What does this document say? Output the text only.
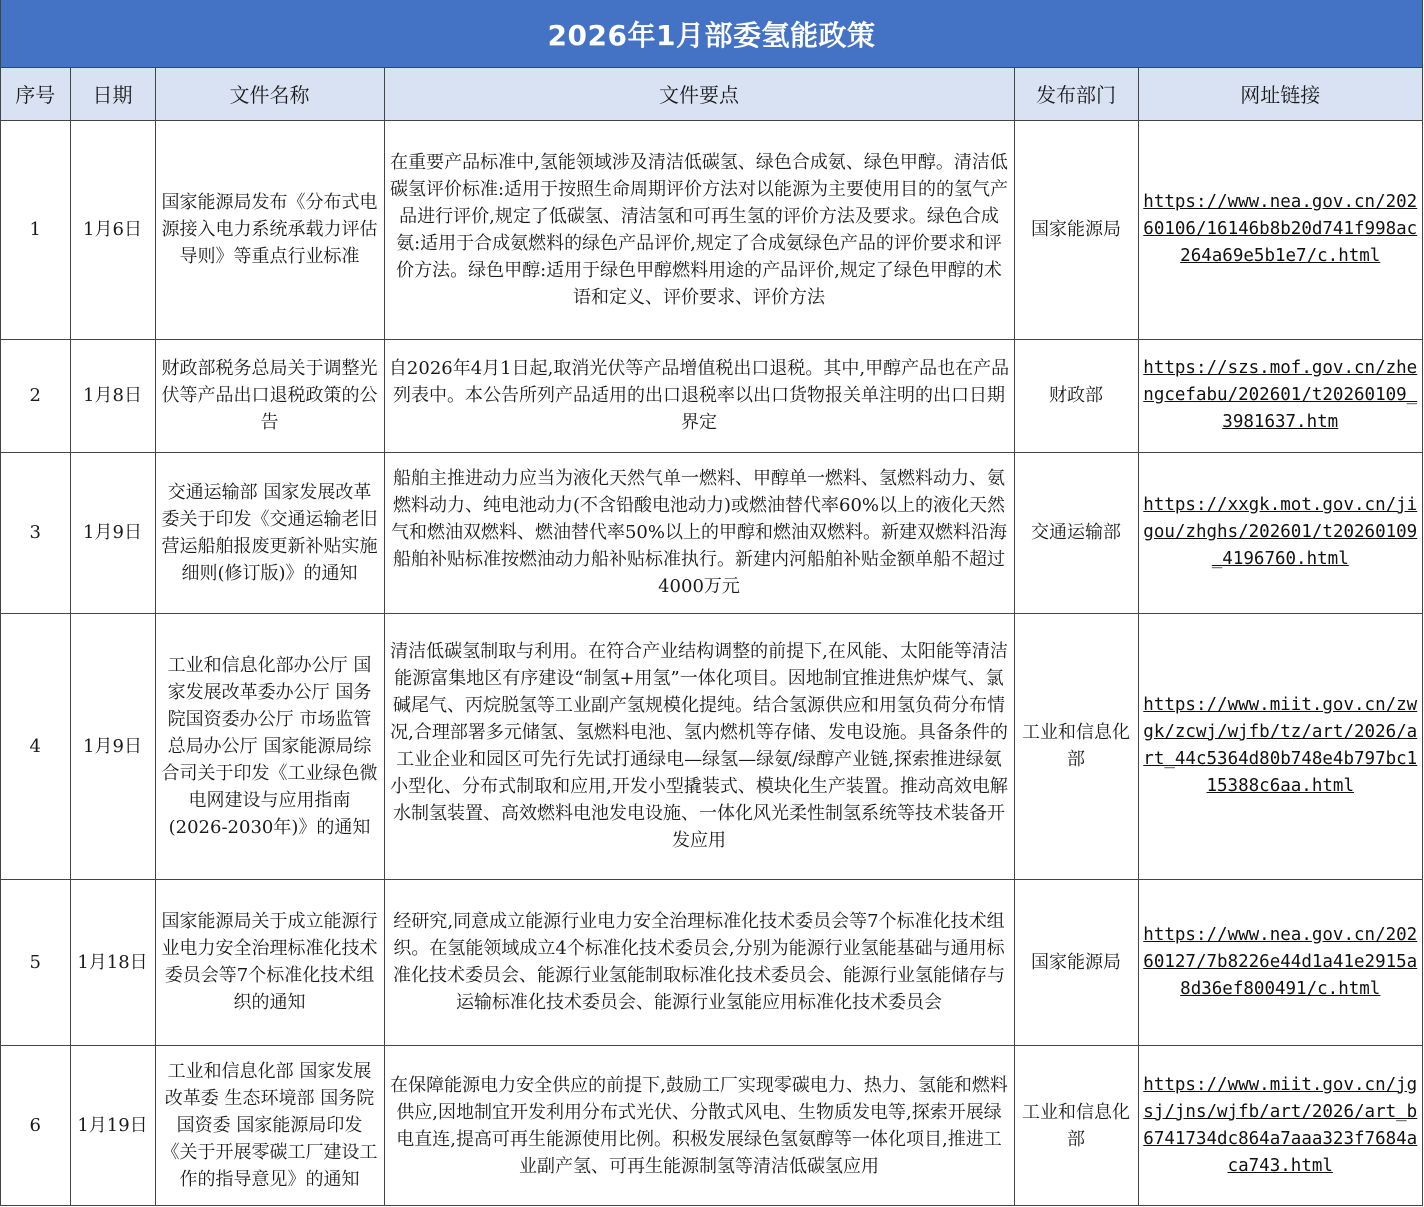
2026年1月部委氢能政策
序号	日期	文件名称	文件要点	发布部门	网址链接
1	1月6日	国家能源局发布《分布式电源接入电力系统承载力评估导则》等重点行业标准	在重要产品标准中,氢能领域涉及清洁低碳氢、绿色合成氨、绿色甲醇。清洁低碳氢评价标准:适用于按照生命周期评价方法对以能源为主要使用目的的氢气产品进行评价,规定了低碳氢、清洁氢和可再生氢的评价方法及要求。绿色合成氨:适用于合成氨燃料的绿色产品评价,规定了合成氨绿色产品的评价要求和评价方法。绿色甲醇:适用于绿色甲醇燃料用途的产品评价,规定了绿色甲醇的术语和定义、评价要求、评价方法	国家能源局	https://www.nea.gov.cn/20260106/16146b8b20d741f998ac264a69e5b1e7/c.html

2	1月8日	财政部税务总局关于调整光伏等产品出口退税政策的公告	自2026年4月1日起,取消光伏等产品增值税出口退税。其中,甲醇产品也在产品列表中。本公告所列产品适用的出口退税率以出口货物报关单注明的出口日期界定	财政部	https://szs.mof.gov.cn/zhengcefabu/202601/t20260109_3981637.htm

3	1月9日	交通运输部 国家发展改革委关于印发《交通运输老旧营运船舶报废更新补贴实施细则(修订版)》的通知	船舶主推进动力应当为液化天然气单一燃料、甲醇单一燃料、氢燃料动力、氨燃料动力、纯电池动力(不含铅酸电池动力)或燃油替代率60%以上的液化天然气和燃油双燃料、燃油替代率50%以上的甲醇和燃油双燃料。新建双燃料沿海船舶补贴标准按燃油动力船补贴标准执行。新建内河船舶补贴金额单船不超过4000万元	交通运输部	https://xxgk.mot.gov.cn/jigou/zhghs/202601/t20260109_4196760.html

4	1月9日	工业和信息化部办公厅 国家发展改革委办公厅 国务院国资委办公厅 市场监管总局办公厅 国家能源局综合司关于印发《工业绿色微电网建设与应用指南(2026-2030年)》的通知	清洁低碳氢制取与利用。在符合产业结构调整的前提下,在风能、太阳能等清洁能源富集地区有序建设“制氢+用氢”一体化项目。因地制宜推进焦炉煤气、氯碱尾气、丙烷脱氢等工业副产氢规模化提纯。结合氢源供应和用氢负荷分布情况,合理部署多元储氢、氢燃料电池、氢内燃机等存储、发电设施。具备条件的工业企业和园区可先行先试打通绿电—绿氢—绿氨/绿醇产业链,探索推进绿氨小型化、分布式制取和应用,开发小型撬装式、模块化生产装置。推动高效电解水制氢装置、高效燃料电池发电设施、一体化风光柔性制氢系统等技术装备开发应用	工业和信息化部	https://www.miit.gov.cn/zwgk/zcwj/wjfb/tz/art/2026/art_44c5364d80b748e4b797bc115388c6aa.html

5	1月18日	国家能源局关于成立能源行业电力安全治理标准化技术委员会等7个标准化技术组织的通知	经研究,同意成立能源行业电力安全治理标准化技术委员会等7个标准化技术组织。在氢能领域成立4个标准化技术委员会,分别为能源行业氢能基础与通用标准化技术委员会、能源行业氢能制取标准化技术委员会、能源行业氢能储存与运输标准化技术委员会、能源行业氢能应用标准化技术委员会	国家能源局	https://www.nea.gov.cn/20260127/7b8226e44d1a41e2915a8d36ef800491/c.html

6	1月19日	工业和信息化部 国家发展改革委 生态环境部 国务院国资委 国家能源局印发《关于开展零碳工厂建设工作的指导意见》的通知	在保障能源电力安全供应的前提下,鼓励工厂实现零碳电力、热力、氢能和燃料供应,因地制宜开发利用分布式光伏、分散式风电、生物质发电等,探索开展绿电直连,提高可再生能源使用比例。积极发展绿色氢氨醇等一体化项目,推进工业副产氢、可再生能源制氢等清洁低碳氢应用	工业和信息化部	https://www.miit.gov.cn/jgsj/jns/wjfb/art/2026/art_b6741734dc864a7aaa323f7684aca743.html
